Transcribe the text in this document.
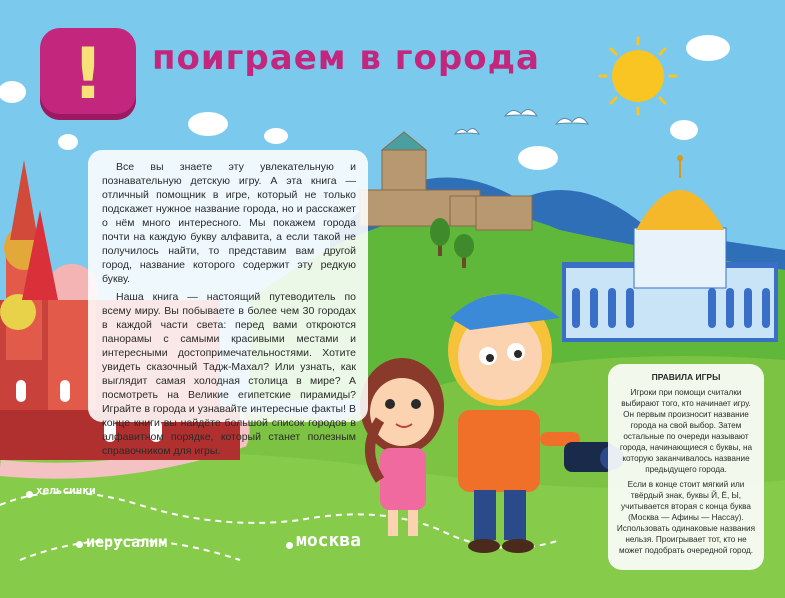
!	поиграем в города

Все вы знаете эту увлекательную и познавательную детскую игру. А эта книга — отличный помощник в игре, который не только подскажет нужное название города, но и расскажет о нём много интересного. Мы покажем города почти на каждую букву алфавита, а если такой не получилось найти, то представим вам другой город, название которого содержит эту редкую букву.

Наша книга — настоящий путеводитель по всему миру. Вы побываете в более чем 30 городах в каждой части света: перед вами откроются панорамы с самыми красивыми местами и интересными достопримечательностями. Хотите увидеть сказочный Тадж-Махал? Или узнать, как выглядит самая холодная столица в мире? А посмотреть на Великие египетские пирамиды? Играйте в города и узнавайте интересные факты! В конце книги вы найдёте большой список городов в алфавитном порядке, который станет полезным справочником для игры.

ПРАВИЛА ИГРЫ

Игроки при помощи считалки выбирают того, кто начинает игру. Он первым произносит название города на свой выбор. Затем остальные по очереди называют города, начинающиеся с буквы, на которую заканчивалось название предыдущего города.

Если в конце стоит мягкий или твёрдый знак, буквы Й, Ё, Ы, учитывается вторая с конца буква (Москва — Афины — Нассау). Использовать одинаковые названия нельзя. Проигрывает тот, кто не может подобрать очередной город.

хельсинки
иерусалим	москва
